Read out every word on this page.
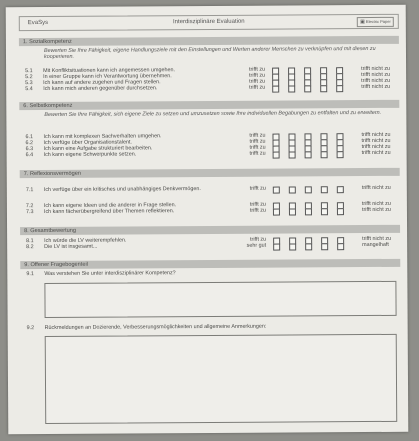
EvaSys	Interdisziplinäre Evaluation	▣Electric Paper
1. Sozialkompetenz
Bewerten Sie Ihre Fähigkeit, eigene Handlungsziele mit den Einstellungen und Werten anderer Menschen zu verknüpfen und mit diesen zu kooperieren.
5.1 Mit Konfliktsituationen kann ich angemessen umgehen.	trifft zu	trifft nicht zu
5.2 In einer Gruppe kann ich Verantwortung übernehmen.	trifft zu	trifft nicht zu
5.3 Ich kann auf andere zugehen und Fragen stellen.	trifft zu	trifft nicht zu
5.4 Ich kann mich anderen gegenüber durchsetzen.	trifft zu	trifft nicht zu
6. Selbstkompetenz
Bewerten Sie Ihre Fähigkeit, sich eigene Ziele zu setzen und umzusetzen sowie Ihre individuellen Begabungen zu entfalten und zu erweitern.
6.1 Ich kann mit komplexen Sachverhalten umgehen.	trifft zu	trifft nicht zu
6.2 Ich verfüge über Organisationstalent.	trifft zu	trifft nicht zu
6.3 Ich kann eine Aufgabe strukturiert bearbeiten.	trifft zu	trifft nicht zu
6.4 Ich kann eigene Schwerpunkte setzen.	trifft zu	trifft nicht zu
7. Reflexionsvermögen
7.1 Ich verfüge über ein kritisches und unabhängiges Denkvermögen.	trifft zu	trifft nicht zu
7.2 Ich kann eigene Ideen und die anderer in Frage stellen.	trifft zu	trifft nicht zu
7.3 Ich kann fächerübergreifend über Themen reflektieren.	trifft zu	trifft nicht zu
8. Gesamtbewertung
8.1 Ich würde die LV weiterempfehlen.	trifft zu	trifft nicht zu
8.2 Die LV ist insgesamt...	sehr gut	mangelhaft
9. Offener Fragebogenteil
9.1 Was verstehen Sie unter interdisziplinärer Kompetenz?
9.2 Rückmeldungen an Dozierende, Verbesserungsmöglichkeiten und allgemeine Anmerkungen:
